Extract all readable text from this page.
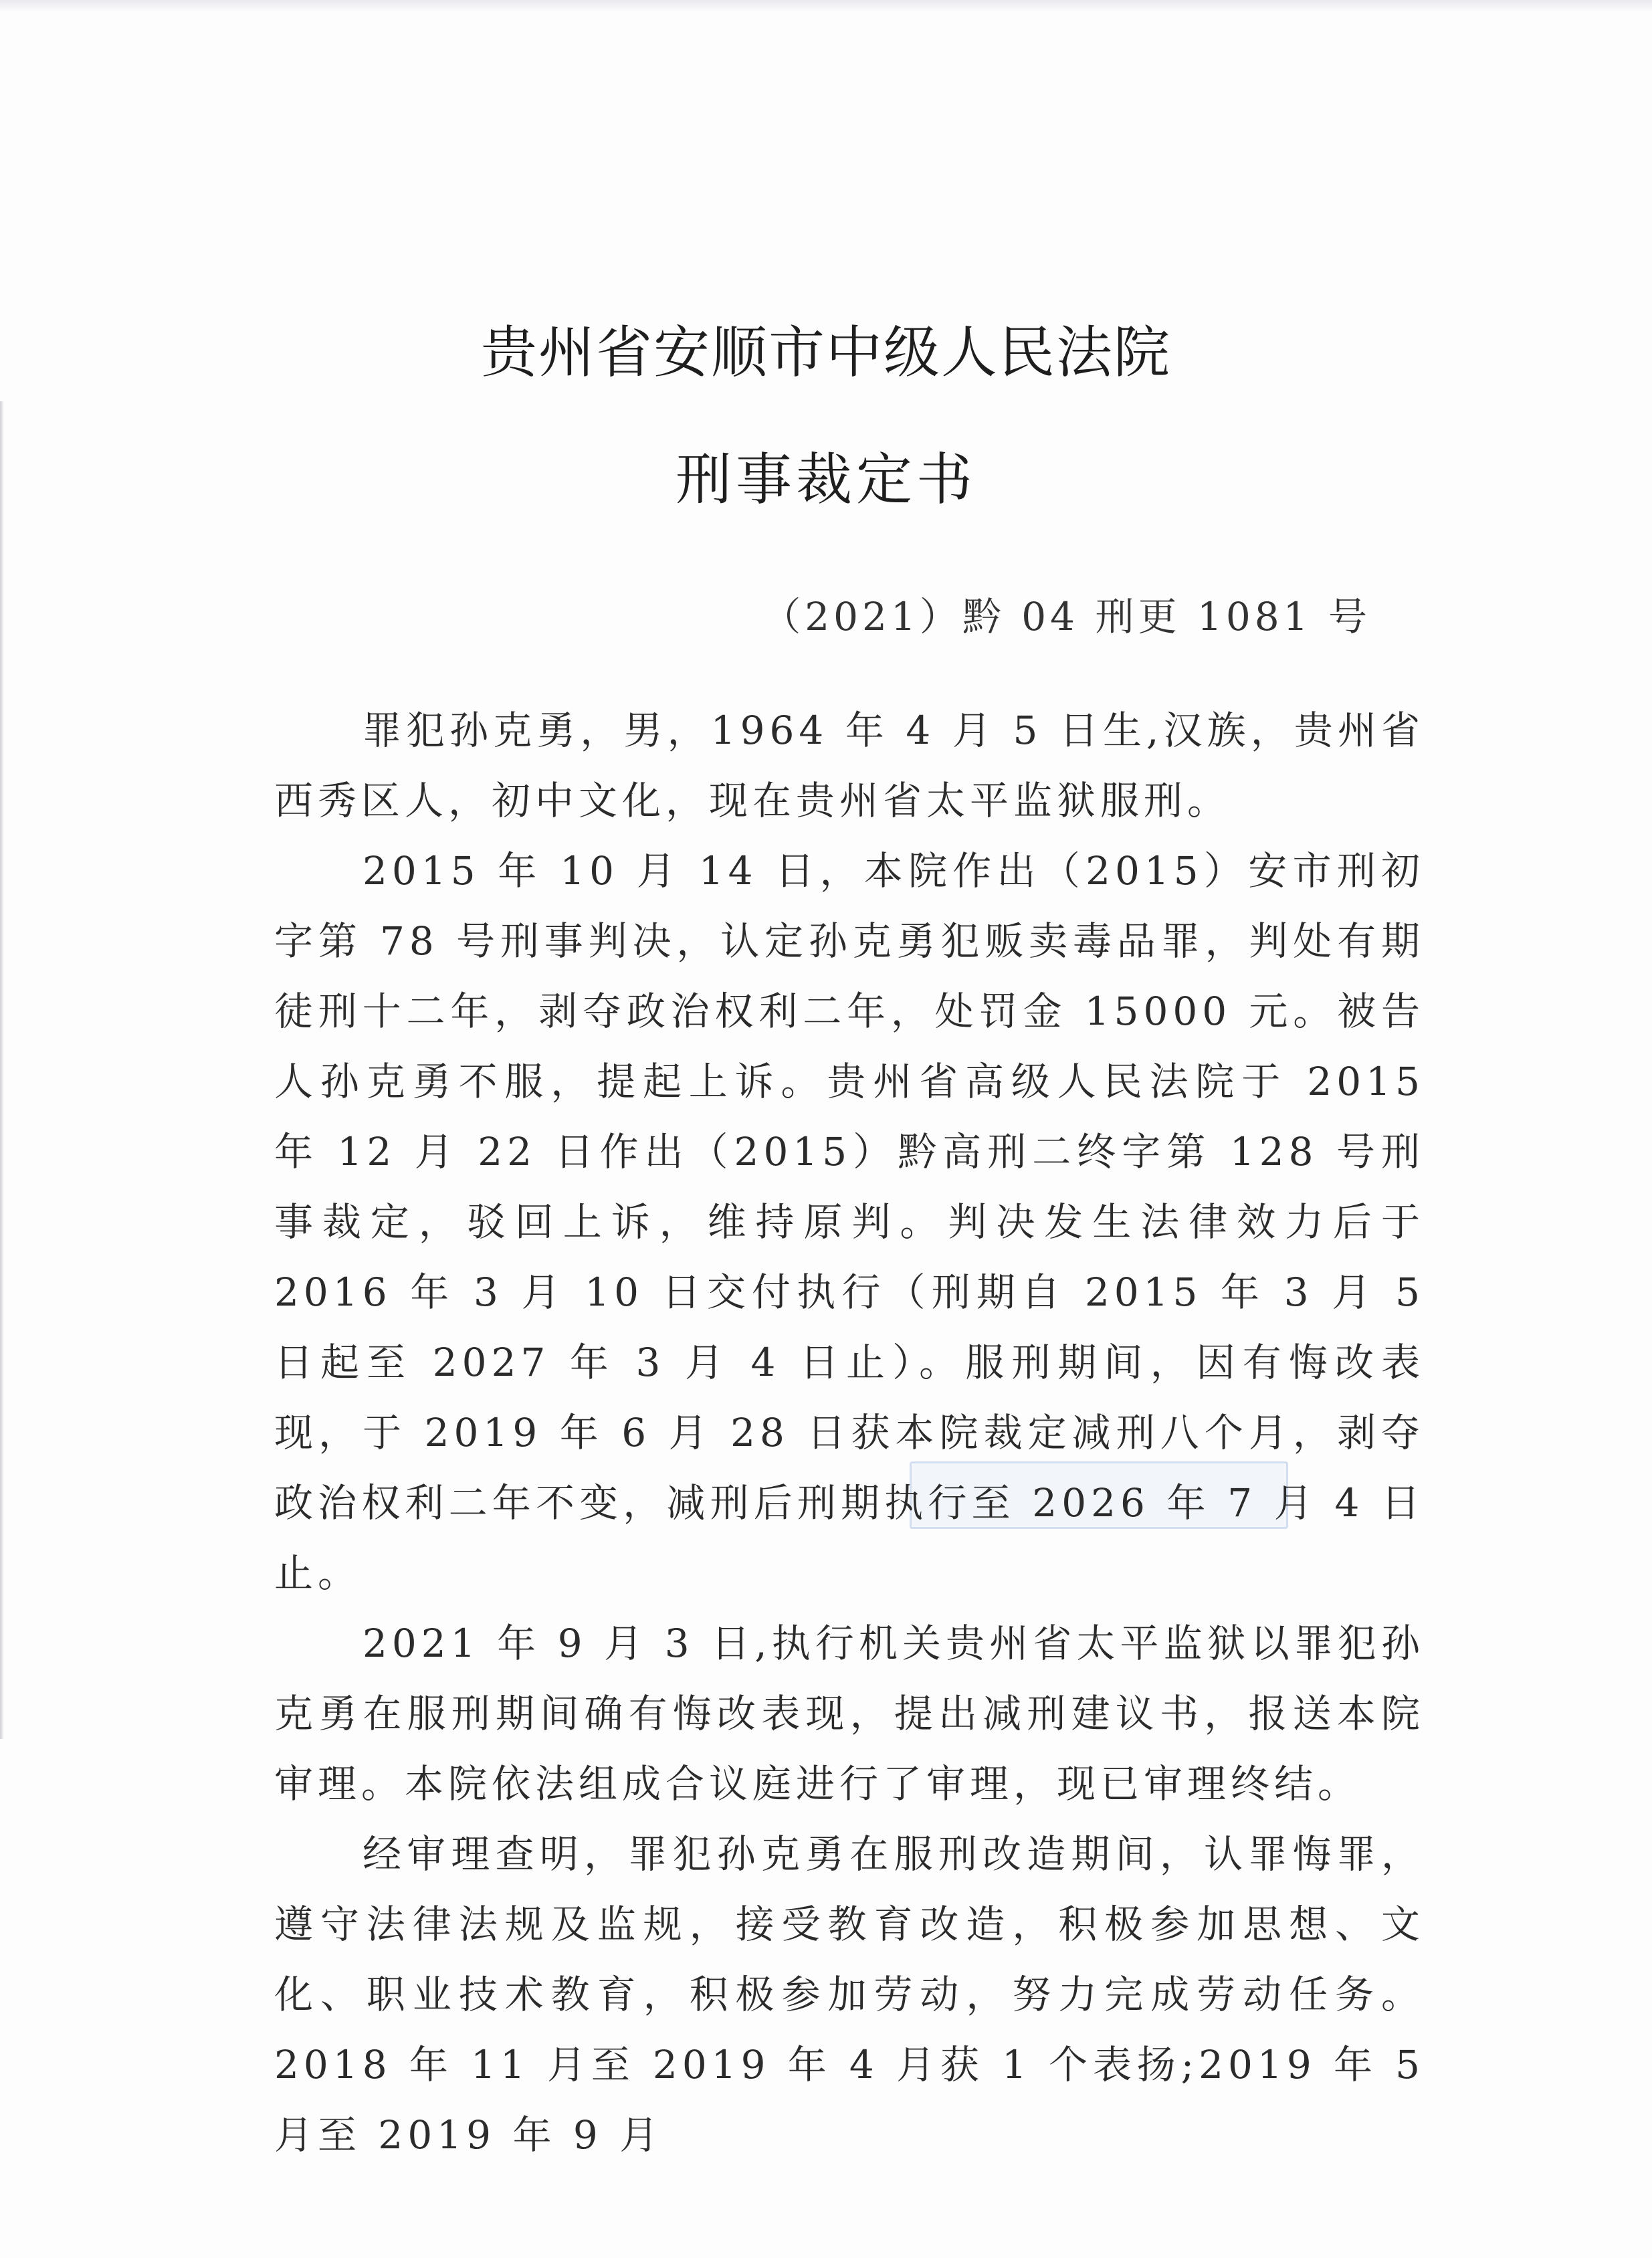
贵州省安顺市中级人民法院
刑事裁定书
（2021）黔 04 刑更 1081 号

罪犯孙克勇，男，1964 年 4 月 5 日生,汉族，贵州省西秀区人，初中文化，现在贵州省太平监狱服刑。

2015 年 10 月 14 日，本院作出（2015）安市刑初字第 78 号刑事判决，认定孙克勇犯贩卖毒品罪，判处有期徒刑十二年，剥夺政治权利二年，处罚金 15000 元。被告人孙克勇不服，提起上诉。贵州省高级人民法院于 2015 年 12 月 22 日作出（2015）黔高刑二终字第 128 号刑事裁定，驳回上诉，维持原判。判决发生法律效力后于 2016 年 3 月 10 日交付执行（刑期自 2015 年 3 月 5 日起至 2027 年 3 月 4 日止）。服刑期间，因有悔改表现，于 2019 年 6 月 28 日获本院裁定减刑八个月，剥夺政治权利二年不变，减刑后刑期执行至 2026 年 7 月 4 日止。

2021 年 9 月 3 日,执行机关贵州省太平监狱以罪犯孙克勇在服刑期间确有悔改表现，提出减刑建议书，报送本院审理。本院依法组成合议庭进行了审理，现已审理终结。

经审理查明，罪犯孙克勇在服刑改造期间，认罪悔罪，遵守法律法规及监规，接受教育改造，积极参加思想、文化、职业技术教育，积极参加劳动，努力完成劳动任务。2018 年 11 月至 2019 年 4 月获 1 个表扬;2019 年 5 月至 2019 年 9 月
